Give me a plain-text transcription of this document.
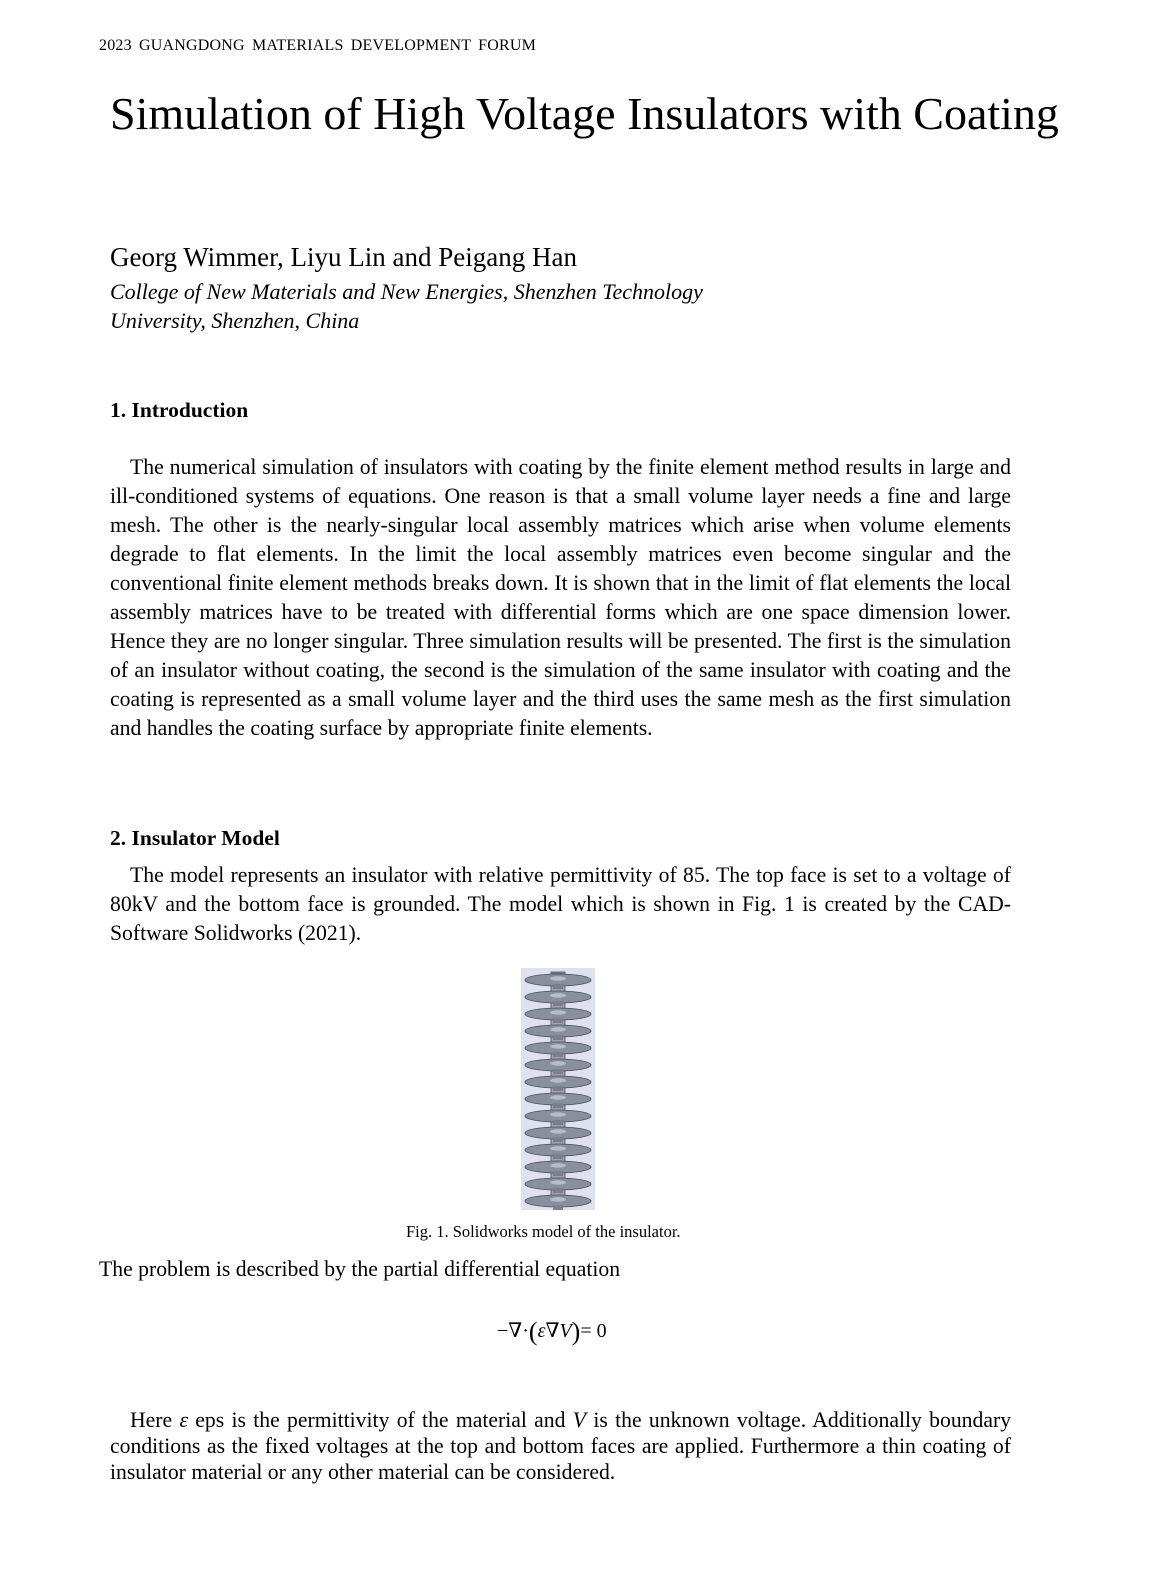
2023 GUANGDONG MATERIALS DEVELOPMENT FORUM
Simulation of High Voltage Insulators with Coating
Georg Wimmer, Liyu Lin and Peigang Han
College of New Materials and New Energies, Shenzhen Technology University, Shenzhen, China
1. Introduction

The numerical simulation of insulators with coating by the finite element method results in large and ill-conditioned systems of equations. One reason is that a small volume layer needs a fine and large mesh. The other is the nearly-singular local assembly matrices which arise when volume elements degrade to flat elements. In the limit the local assembly matrices even become singular and the conventional finite element methods breaks down. It is shown that in the limit of flat elements the local assembly matrices have to be treated with differential forms which are one space dimension lower. Hence they are no longer singular. Three simulation results will be presented. The first is the simulation of an insulator without coating, the second is the simulation of the same insulator with coating and the coating is represented as a small volume layer and the third uses the same mesh as the first simulation and handles the coating surface by appropriate finite elements.

2. Insulator Model

The model represents an insulator with relative permittivity of 85. The top face is set to a voltage of 80kV and the bottom face is grounded. The model which is shown in Fig. 1 is created by the CAD-Software Solidworks (2021).

Fig. 1. Solidworks model of the insulator.
The problem is described by the partial differential equation
−∇·(ε∇V)= 0

Here ε eps is the permittivity of the material and V is the unknown voltage. Additionally boundary conditions as the fixed voltages at the top and bottom faces are applied. Furthermore a thin coating of insulator material or any other material can be considered.
